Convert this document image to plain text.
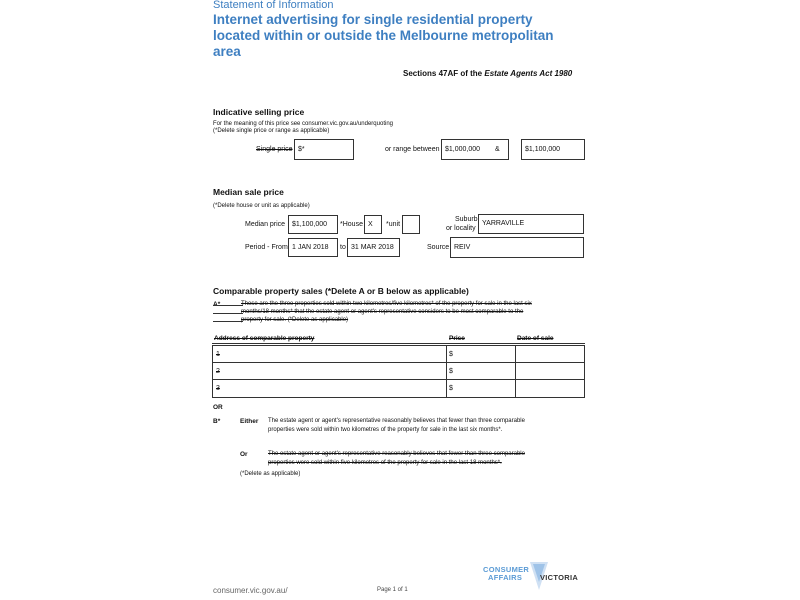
Statement of Information
Internet advertising for single residential property
located within or outside the Melbourne metropolitan
area
Sections 47AF of the Estate Agents Act 1980
Indicative selling price
For the meaning of this price see consumer.vic.gov.au/underquoting
(*Delete single price or range as applicable)
Single price $*	or range between $1,000,000	&	$1,100,000
Median sale price
(*Delete house or unit as applicable)
Median price $1,100,000	*House X	*unit
Suburb
or locality
YARRAVILLE
Period - From 1 JAN 2018	to 31 MAR 2018	Source REIV
Comparable property sales (*Delete A or B below as applicable)
These are the three properties sold within two kilometres/five kilometres* of the property for sale in the last six
months/18 months* that the estate agent or agent's representative considers to be most comparable to the
property for sale. (*Delete as applicable)
Address of comparable property	Price	Date of sale
1	$
2	$
3	$
OR
B*	Either The estate agent or agent's representative reasonably believes that fewer than three comparable
properties were sold within two kilometres of the property for sale in the last six months*.
Or	The estate agent or agent's representative reasonably believes that fewer than three comparable
properties were sold within five kilometres of the property for sale in the last 18 months*.
(*Delete as applicable)
consumer.vic.gov.au/	Page 1 of 1
CONSUMER
AFFAIRS VICTORIA
